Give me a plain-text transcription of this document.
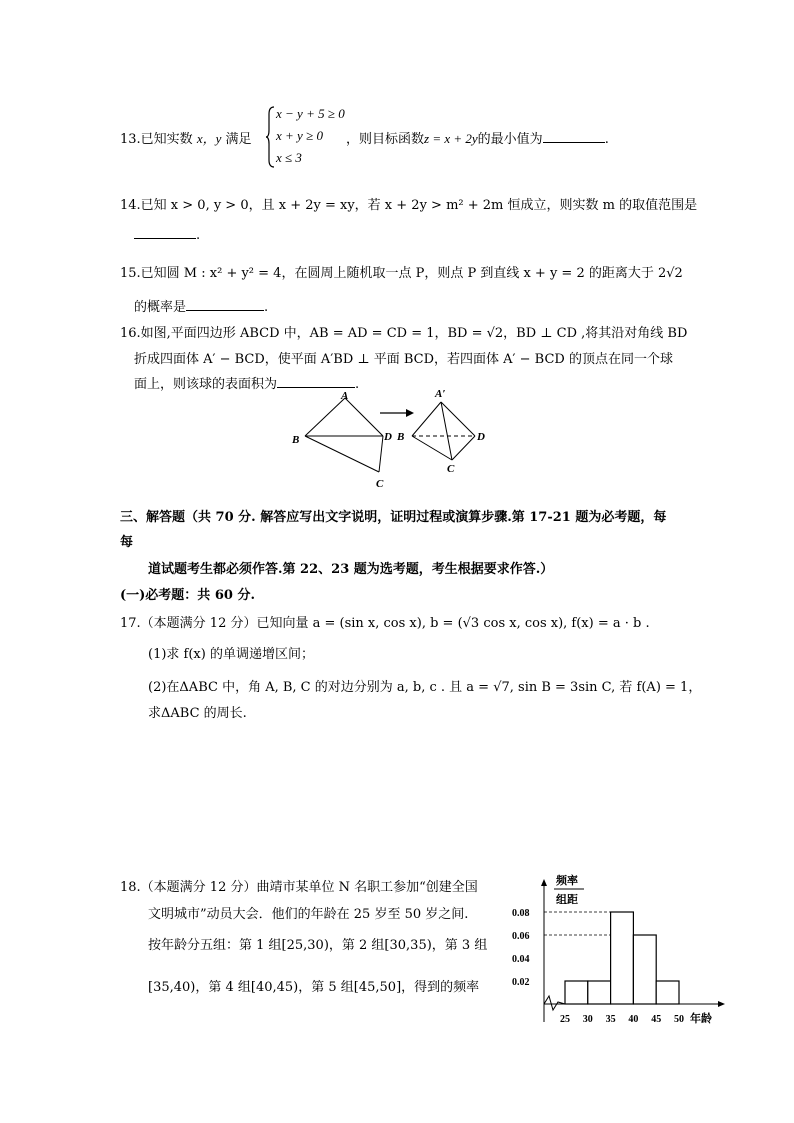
13.已知实数 x，y 满足
x − y + 5 ≥ 0
x + y ≥ 0
x ≤ 3
，则目标函数z = x + 2y的最小值为	.
14.已知 x > 0, y > 0，且 x + 2y = xy，若 x + 2y > m² + 2m 恒成立，则实数 m 的取值范围是
.
15.已知圆 M : x² + y² = 4，在圆周上随机取一点 P，则点 P 到直线 x + y = 2 的距离大于 2√2
的概率是	.
16.如图,平面四边形 ABCD 中，AB = AD = CD = 1，BD = √2，BD ⊥ CD ,将其沿对角线 BD
折成四面体 A′ − BCD，使平面 A′BD ⊥ 平面 BCD，若四面体 A′ − BCD 的顶点在同一个球
面上，则该球的表面积为	.
A
B	D
C
A′
B	D
C
三、解答题（共 70 分. 解答应写出文字说明，证明过程或演算步骤.第 17-21 题为必考题，每
每
道试题考生都必须作答.第 22、23 题为选考题，考生根据要求作答.）
(一)必考题：共 60 分.
17.（本题满分 12 分）已知向量 a = (sin x, cos x), b = (√3 cos x, cos x), f(x) = a · b .
(1)求 f(x) 的单调递增区间；
(2)在ΔABC 中，角 A, B, C 的对边分别为 a, b, c . 且 a = √7, sin B = 3sin C, 若 f(A) = 1，
求ΔABC 的周长.
18.（本题满分 12 分）曲靖市某单位 N 名职工参加“创建全国
文明城市”动员大会．他们的年龄在 25 岁至 50 岁之间.
按年龄分五组：第 1 组[25,30)，第 2 组[30,35)，第 3 组
[35,40)，第 4 组[40,45)，第 5 组[45,50]，得到的频率
频率
组距
年龄
0.02
0.04
0.06
0.08
25 30 35 40 45 50
